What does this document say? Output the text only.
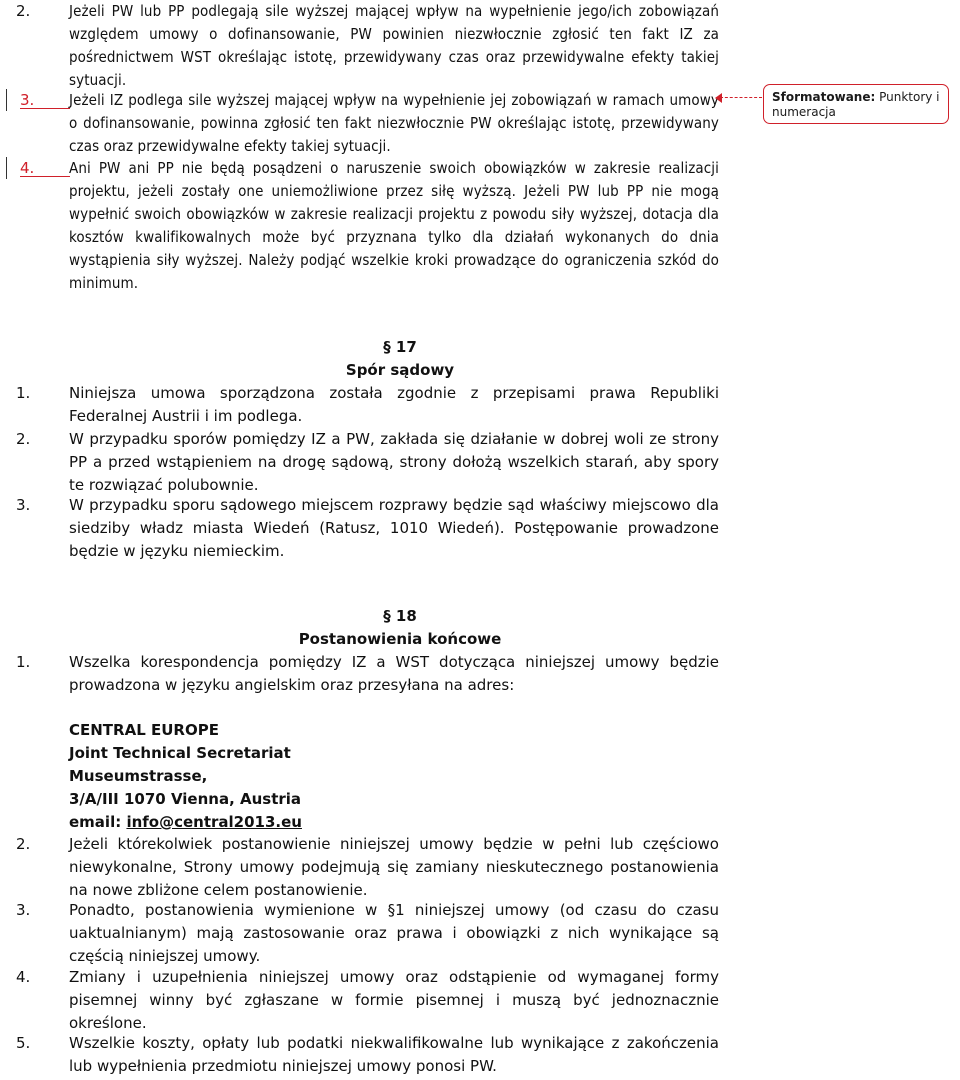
2.	Jeżeli PW lub PP podlegają sile wyższej mającej wpływ na wypełnienie jego/ich zobowiązań względem umowy o dofinansowanie, PW powinien niezwłocznie zgłosić ten fakt IZ za pośrednictwem WST określając istotę, przewidywany czas oraz przewidywalne efekty takiej sytuacji.
3. Jeżeli IZ podlega sile wyższej mającej wpływ na wypełnienie jej zobowiązań w ramach umowy o dofinansowanie, powinna zgłosić ten fakt niezwłocznie PW określając istotę, przewidywany czas oraz przewidywalne efekty takiej sytuacji.
4. Ani PW ani PP nie będą posądzeni o naruszenie swoich obowiązków w zakresie realizacji projektu, jeżeli zostały one uniemożliwione przez siłę wyższą. Jeżeli PW lub PP nie mogą wypełnić swoich obowiązków w zakresie realizacji projektu z powodu siły wyższej, dotacja dla kosztów kwalifikowalnych może być przyznana tylko dla działań wykonanych do dnia wystąpienia siły wyższej. Należy podjąć wszelkie kroki prowadzące do ograniczenia szkód do minimum.
Sformatowane: Punktory i numeracja
§ 17
Spór sądowy
1.	Niniejsza umowa sporządzona została zgodnie z przepisami prawa Republiki Federalnej Austrii i im podlega.
2.	W przypadku sporów pomiędzy IZ a PW, zakłada się działanie w dobrej woli ze strony PP a przed wstąpieniem na drogę sądową, strony dołożą wszelkich starań, aby spory te rozwiązać polubownie.
3.	W przypadku sporu sądowego miejscem rozprawy będzie sąd właściwy miejscowo dla siedziby władz miasta Wiedeń (Ratusz, 1010 Wiedeń). Postępowanie prowadzone będzie w języku niemieckim.
§ 18
Postanowienia końcowe
1.	Wszelka korespondencja pomiędzy IZ a WST dotycząca niniejszej umowy będzie prowadzona w języku angielskim oraz przesyłana na adres:
CENTRAL EUROPE
Joint Technical Secretariat
Museumstrasse,
3/A/III 1070 Vienna, Austria
email: info@central2013.eu
2.	Jeżeli którekolwiek postanowienie niniejszej umowy będzie w pełni lub częściowo niewykonalne, Strony umowy podejmują się zamiany nieskutecznego postanowienia na nowe zbliżone celem postanowienie.
3.	Ponadto, postanowienia wymienione w §1 niniejszej umowy (od czasu do czasu uaktualnianym) mają zastosowanie oraz prawa i obowiązki z nich wynikające są częścią niniejszej umowy.
4.	Zmiany i uzupełnienia niniejszej umowy oraz odstąpienie od wymaganej formy pisemnej winny być zgłaszane w formie pisemnej i muszą być jednoznacznie określone.
5.	Wszelkie koszty, opłaty lub podatki niekwalifikowalne lub wynikające z zakończenia lub wypełnienia przedmiotu niniejszej umowy ponosi PW.
